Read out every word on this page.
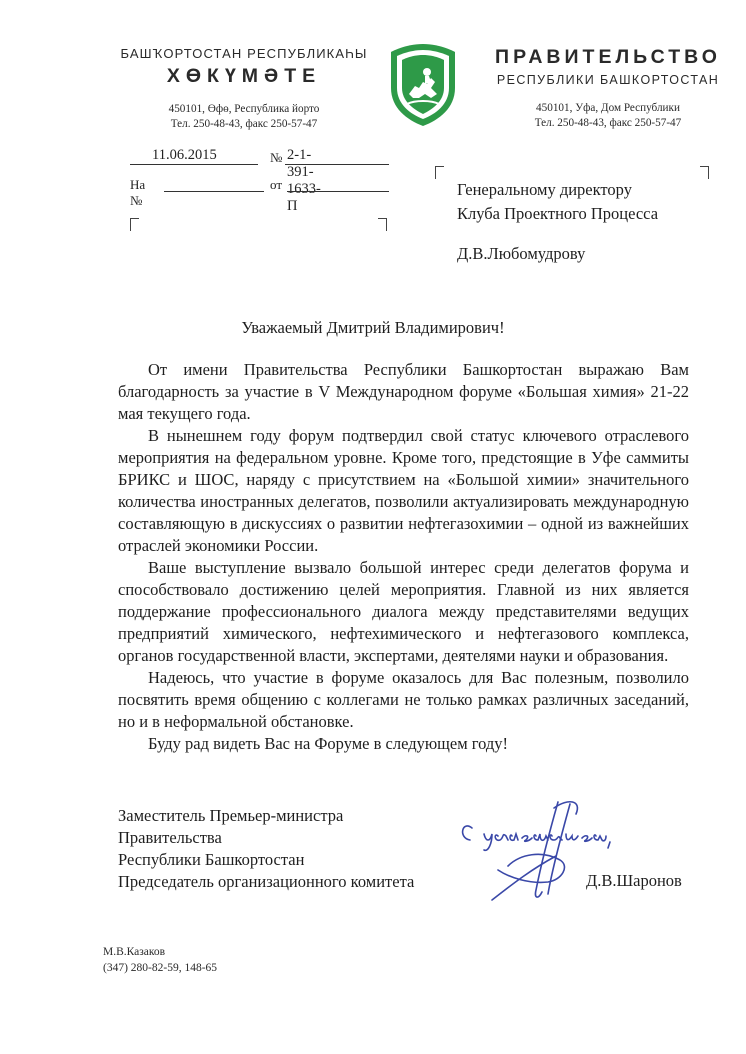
БАШҠОРТОСТАН РЕСПУБЛИКАҺЫ
ХӨКҮМӘТЕ
450101, Өфө, Республика йорто
Тел. 250-48-43, факс 250-57-47
ПРАВИТЕЛЬСТВО
РЕСПУБЛИКИ БАШКОРТОСТАН
450101, Уфа, Дом Республики
Тел. 250-48-43, факс 250-57-47
11.06.2015	№ 2-1-391-1633-П
На №
от	Генеральному директору
Клуба Проектного Процесса
Д.В.Любомудрову
Уважаемый Дмитрий Владимирович!

От имени Правительства Республики Башкортостан выражаю Вам благодарность за участие в V Международном форуме «Большая химия» 21-22 мая текущего года.

В нынешнем году форум подтвердил свой статус ключевого отраслевого мероприятия на федеральном уровне. Кроме того, предстоящие в Уфе саммиты БРИКС и ШОС, наряду с присутствием на «Большой химии» значительного количества иностранных делегатов, позволили актуализировать международную составляющую в дискуссиях о развитии нефтегазохимии – одной из важнейших отраслей экономики России.

Ваше выступление вызвало большой интерес среди делегатов форума и способствовало достижению целей мероприятия. Главной из них является поддержание профессионального диалога между представителями ведущих предприятий химического, нефтехимического и нефтегазового комплекса, органов государственной власти, экспертами, деятелями науки и образования.

Надеюсь, что участие в форуме оказалось для Вас полезным, позволило посвятить время общению с коллегами не только рамках различных заседаний, но и в неформальной обстановке.

Буду рад видеть Вас на Форуме в следующем году!

Заместитель Премьер-министра
Правительства
Республики Башкортостан
Председатель организационного комитета	Д.В.Шаронов
М.В.Казаков
(347) 280-82-59, 148-65
